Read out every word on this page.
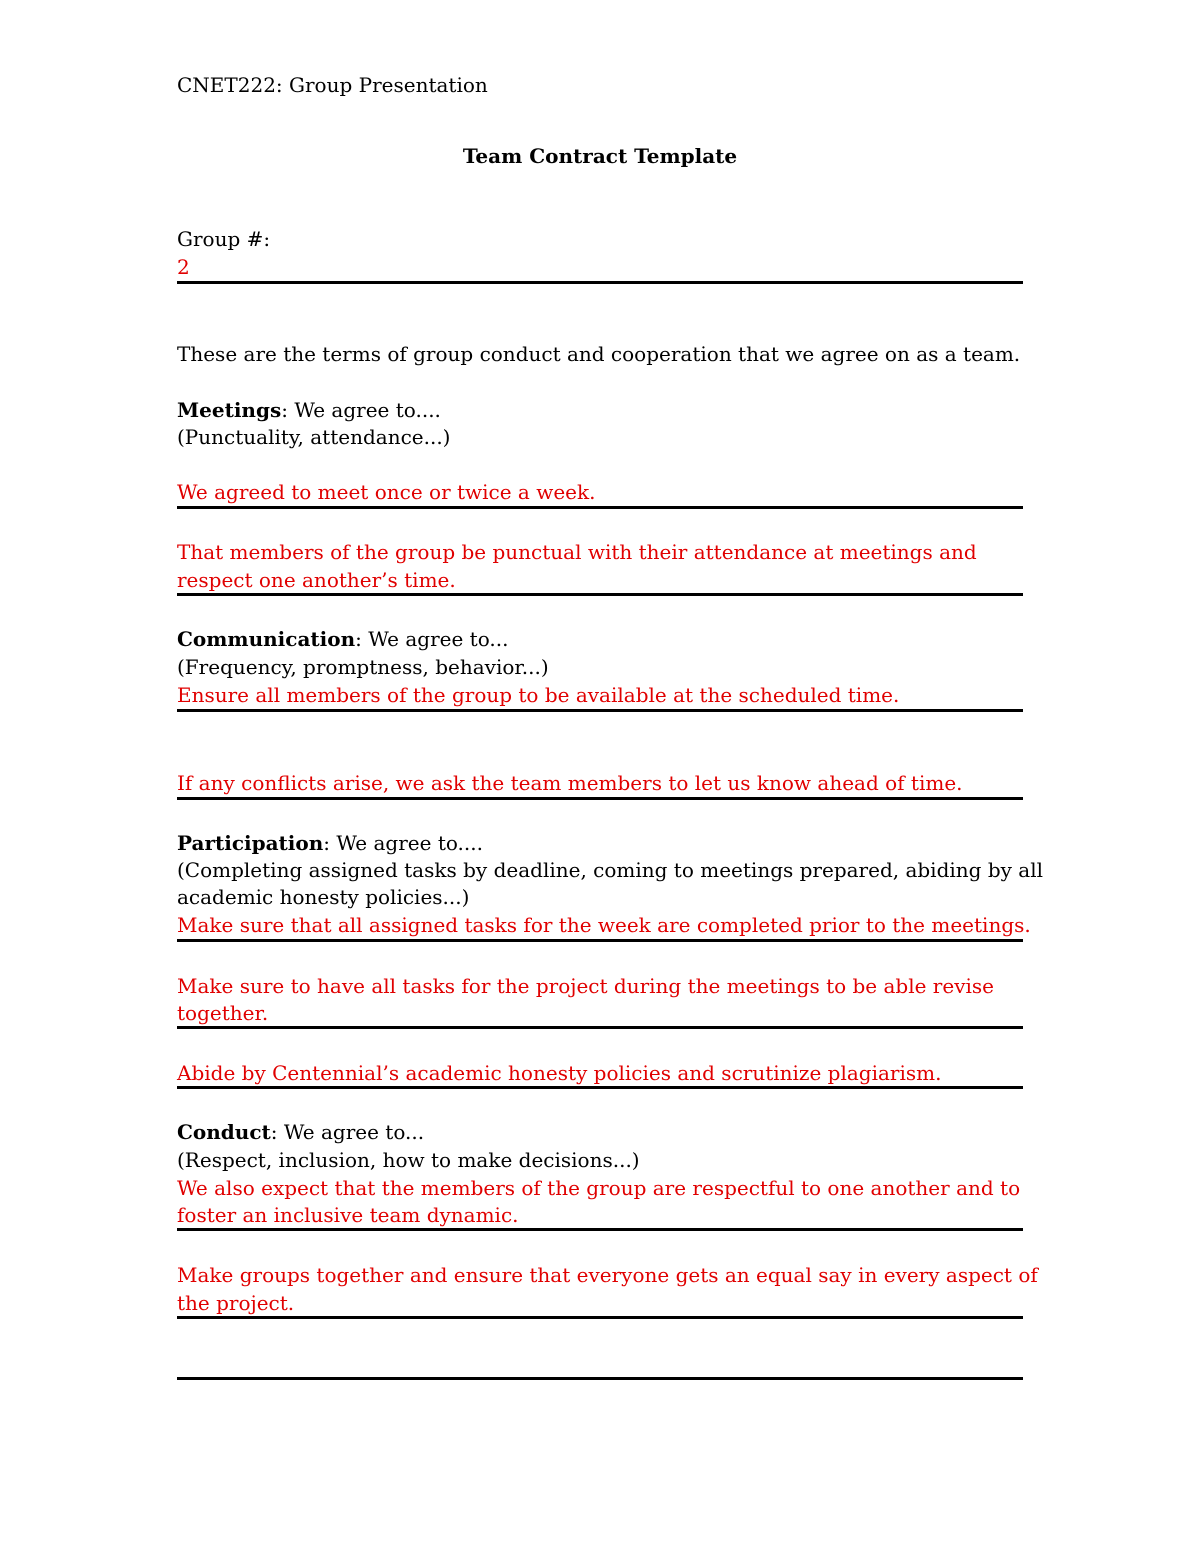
CNET222: Group Presentation
Team Contract Template
Group #:
2
These are the terms of group conduct and cooperation that we agree on as a team.
Meetings: We agree to....
(Punctuality, attendance...)
We agreed to meet once or twice a week.
That members of the group be punctual with their attendance at meetings and
respect one another’s time.
Communication: We agree to...
(Frequency, promptness, behavior...)
Ensure all members of the group to be available at the scheduled time.
If any conflicts arise, we ask the team members to let us know ahead of time.
Participation: We agree to....
(Completing assigned tasks by deadline, coming to meetings prepared, abiding by all
academic honesty policies...)
Make sure that all assigned tasks for the week are completed prior to the meetings.
Make sure to have all tasks for the project during the meetings to be able revise
together.
Abide by Centennial’s academic honesty policies and scrutinize plagiarism.
Conduct: We agree to...
(Respect, inclusion, how to make decisions...)
We also expect that the members of the group are respectful to one another and to
foster an inclusive team dynamic.
Make groups together and ensure that everyone gets an equal say in every aspect of
the project.
